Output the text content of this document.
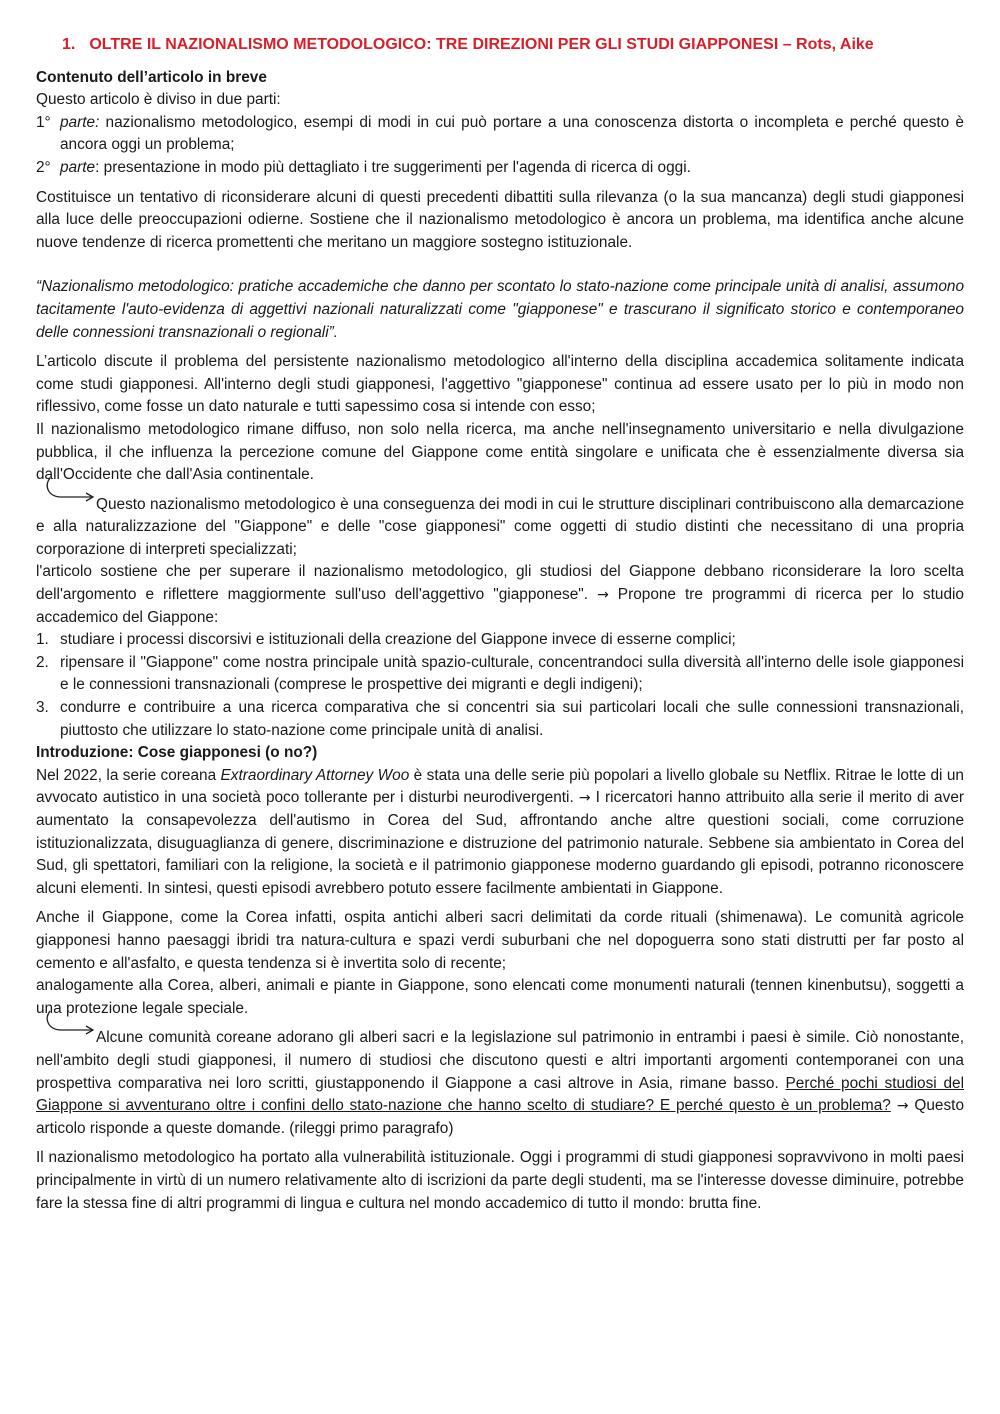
1. OLTRE IL NAZIONALISMO METODOLOGICO: TRE DIREZIONI PER GLI STUDI GIAPPONESI – Rots, Aike
Contenuto dell’articolo in breve

Questo articolo è diviso in due parti:

1° parte: nazionalismo metodologico, esempi di modi in cui può portare a una conoscenza distorta o incompleta e perché questo è ancora oggi un problema;
2° parte: presentazione in modo più dettagliato i tre suggerimenti per l'agenda di ricerca di oggi.

Costituisce un tentativo di riconsiderare alcuni di questi precedenti dibattiti sulla rilevanza (o la sua mancanza) degli studi giapponesi alla luce delle preoccupazioni odierne. Sostiene che il nazionalismo metodologico è ancora un problema, ma identifica anche alcune nuove tendenze di ricerca promettenti che meritano un maggiore sostegno istituzionale.

“Nazionalismo metodologico: pratiche accademiche che danno per scontato lo stato-nazione come principale unità di analisi, assumono tacitamente l'auto-evidenza di aggettivi nazionali naturalizzati come "giapponese" e trascurano il significato storico e contemporaneo delle connessioni transnazionali o regionali”.

L’articolo discute il problema del persistente nazionalismo metodologico all'interno della disciplina accademica solitamente indicata come studi giapponesi. All'interno degli studi giapponesi, l'aggettivo "giapponese" continua ad essere usato per lo più in modo non riflessivo, come fosse un dato naturale e tutti sapessimo cosa si intende con esso;

Il nazionalismo metodologico rimane diffuso, non solo nella ricerca, ma anche nell'insegnamento universitario e nella divulgazione pubblica, il che influenza la percezione comune del Giappone come entità singolare e unificata che è essenzialmente diversa sia dall'Occidente che dall'Asia continentale.

Questo nazionalismo metodologico è una conseguenza dei modi in cui le strutture disciplinari contribuiscono alla demarcazione e alla naturalizzazione del "Giappone" e delle "cose giapponesi" come oggetti di studio distinti che necessitano di una propria corporazione di interpreti specializzati;

l'articolo sostiene che per superare il nazionalismo metodologico, gli studiosi del Giappone debbano riconsiderare la loro scelta dell'argomento e riflettere maggiormente sull'uso dell'aggettivo "giapponese". → Propone tre programmi di ricerca per lo studio accademico del Giappone:

1. studiare i processi discorsivi e istituzionali della creazione del Giappone invece di esserne complici;
2. ripensare il "Giappone" come nostra principale unità spazio-culturale, concentrandoci sulla diversità all'interno delle isole giapponesi e le connessioni transnazionali (comprese le prospettive dei migranti e degli indigeni);
3. condurre e contribuire a una ricerca comparativa che si concentri sia sui particolari locali che sulle connessioni transnazionali, piuttosto che utilizzare lo stato-nazione come principale unità di analisi.
Introduzione: Cose giapponesi (o no?)

Nel 2022, la serie coreana Extraordinary Attorney Woo è stata una delle serie più popolari a livello globale su Netflix. Ritrae le lotte di un avvocato autistico in una società poco tollerante per i disturbi neurodivergenti. → I ricercatori hanno attribuito alla serie il merito di aver aumentato la consapevolezza dell'autismo in Corea del Sud, affrontando anche altre questioni sociali, come corruzione istituzionalizzata, disuguaglianza di genere, discriminazione e distruzione del patrimonio naturale. Sebbene sia ambientato in Corea del Sud, gli spettatori, familiari con la religione, la società e il patrimonio giapponese moderno guardando gli episodi, potranno riconoscere alcuni elementi. In sintesi, questi episodi avrebbero potuto essere facilmente ambientati in Giappone.

Anche il Giappone, come la Corea infatti, ospita antichi alberi sacri delimitati da corde rituali (shimenawa). Le comunità agricole giapponesi hanno paesaggi ibridi tra natura-cultura e spazi verdi suburbani che nel dopoguerra sono stati distrutti per far posto al cemento e all'asfalto, e questa tendenza si è invertita solo di recente;

analogamente alla Corea, alberi, animali e piante in Giappone, sono elencati come monumenti naturali (tennen kinenbutsu), soggetti a una protezione legale speciale.

Alcune comunità coreane adorano gli alberi sacri e la legislazione sul patrimonio in entrambi i paesi è simile. Ciò nonostante, nell'ambito degli studi giapponesi, il numero di studiosi che discutono questi e altri importanti argomenti contemporanei con una prospettiva comparativa nei loro scritti, giustapponendo il Giappone a casi altrove in Asia, rimane basso. Perché pochi studiosi del Giappone si avventurano oltre i confini dello stato-nazione che hanno scelto di studiare? E perché questo è un problema? → Questo articolo risponde a queste domande. (rileggi primo paragrafo)

Il nazionalismo metodologico ha portato alla vulnerabilità istituzionale. Oggi i programmi di studi giapponesi sopravvivono in molti paesi principalmente in virtù di un numero relativamente alto di iscrizioni da parte degli studenti, ma se l'interesse dovesse diminuire, potrebbe fare la stessa fine di altri programmi di lingua e cultura nel mondo accademico di tutto il mondo: brutta fine.
